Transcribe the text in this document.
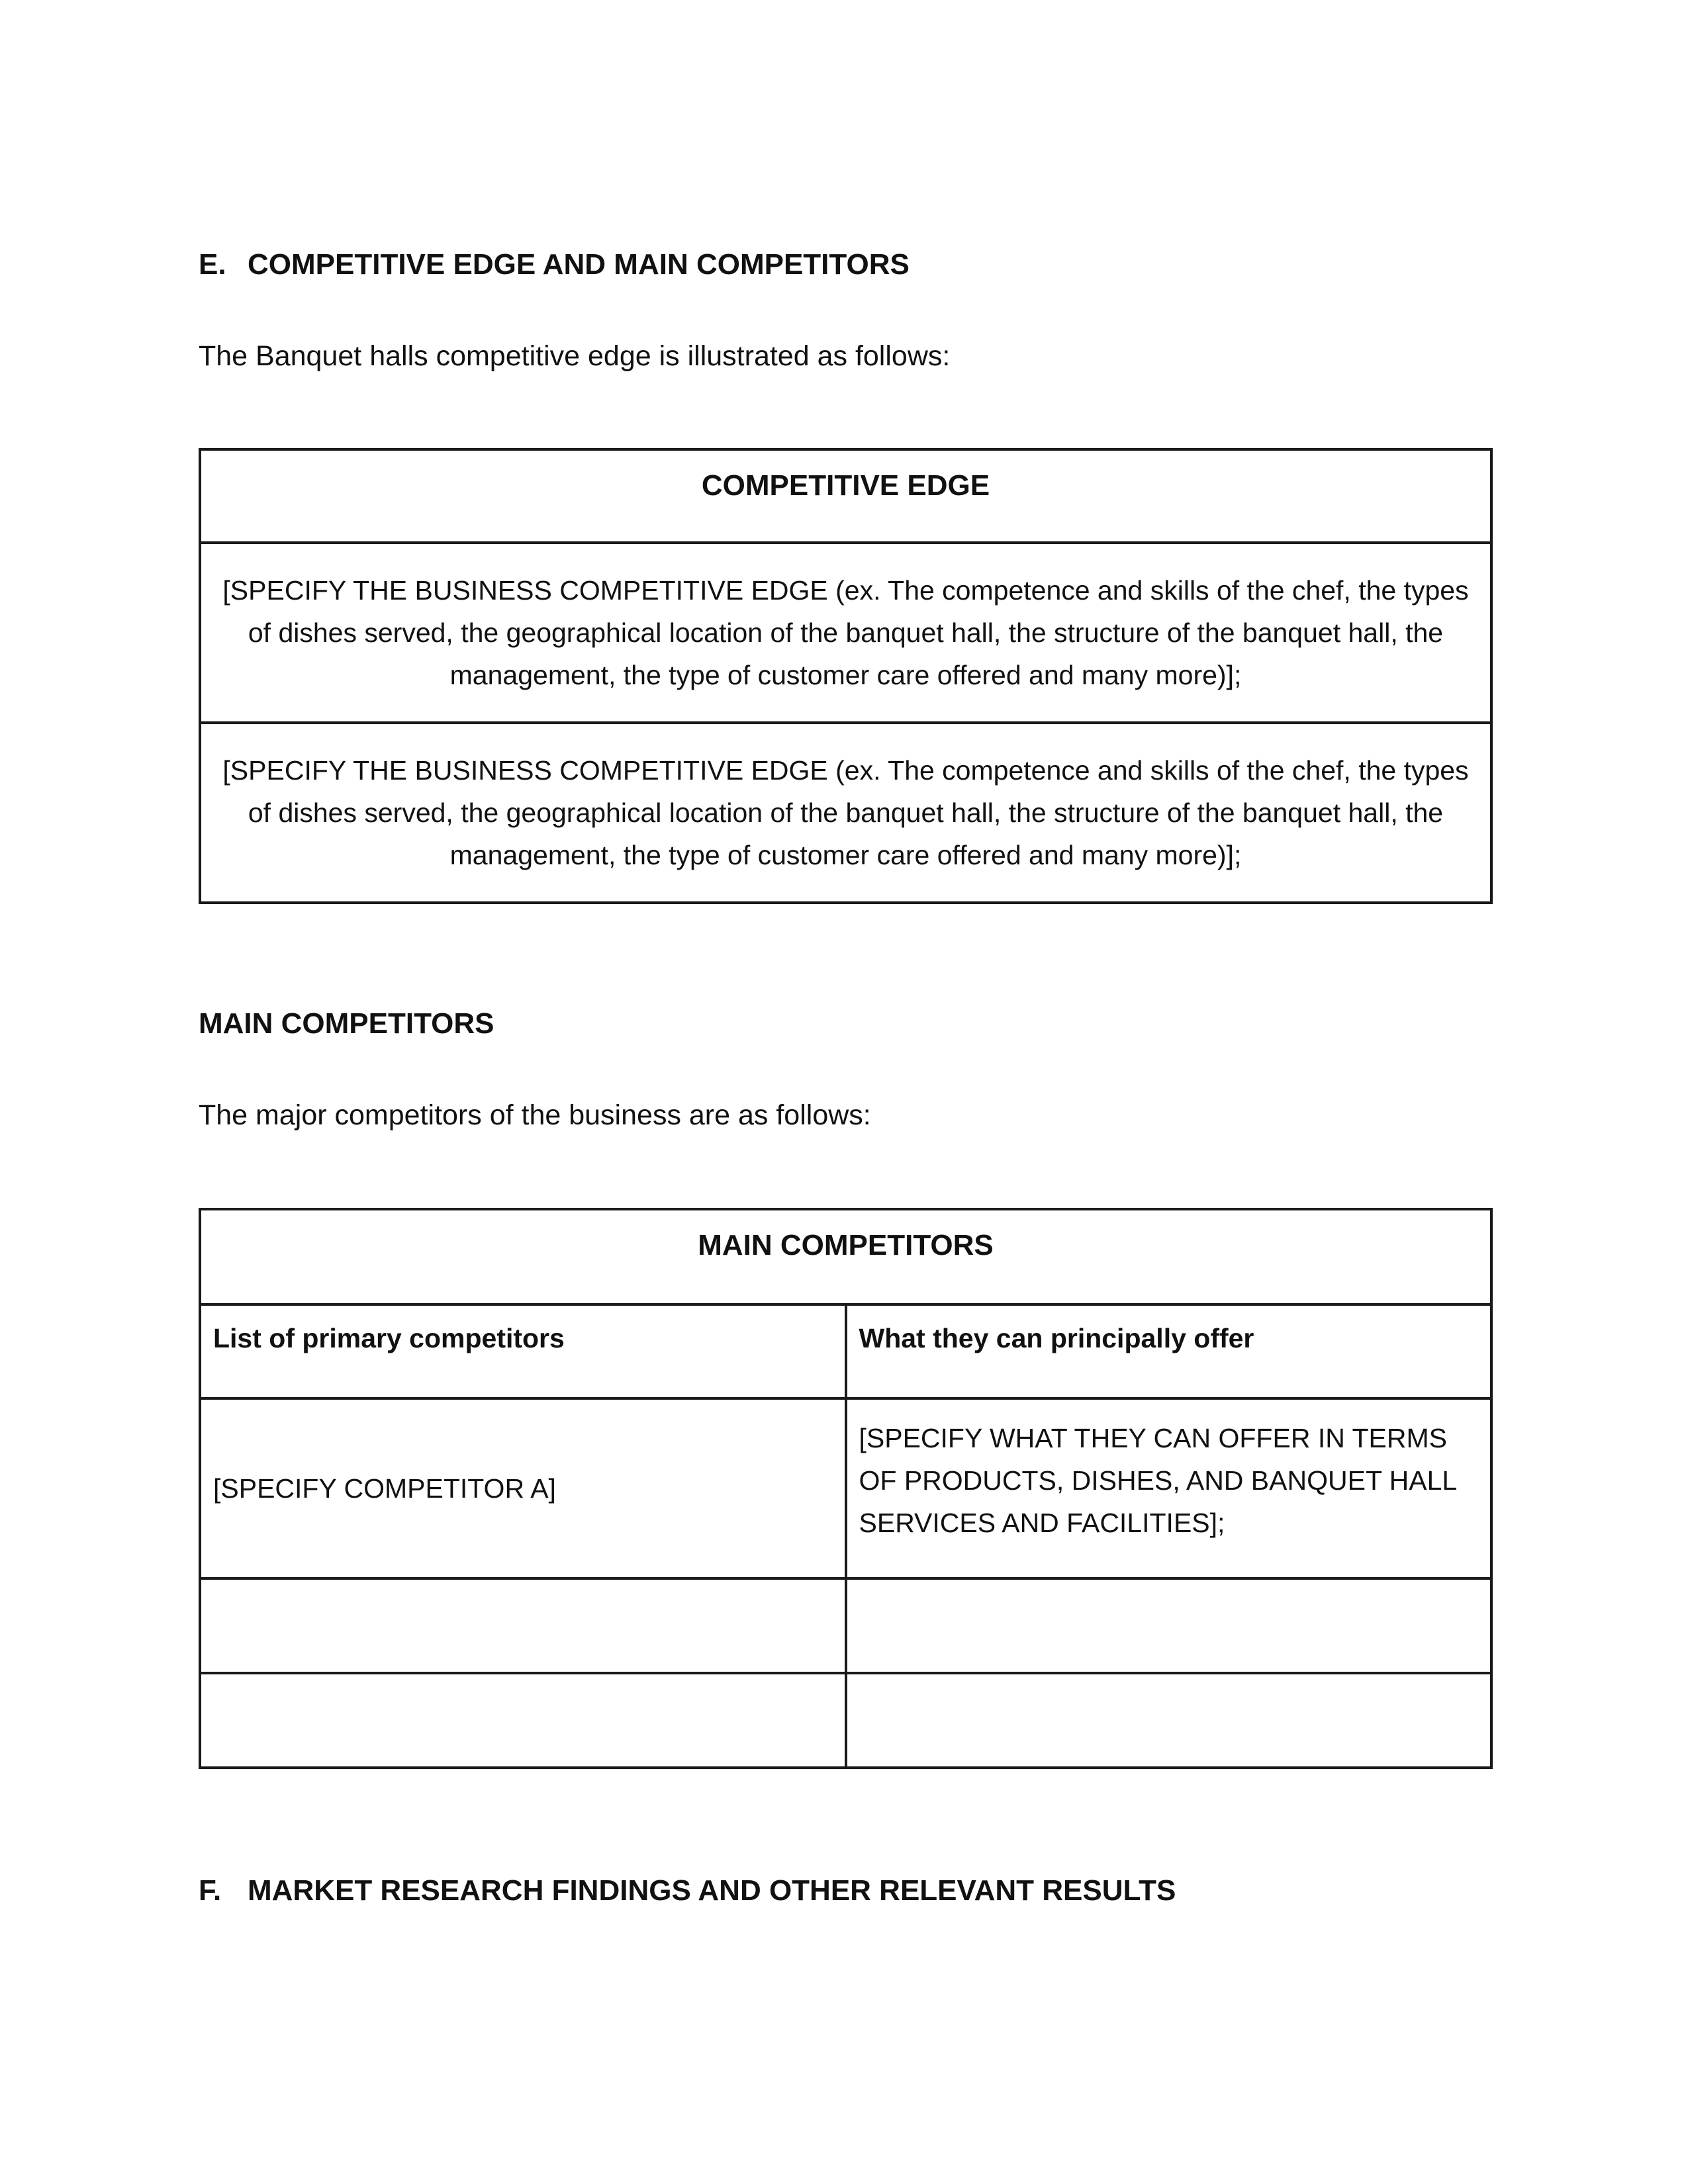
E. COMPETITIVE EDGE AND MAIN COMPETITORS

The Banquet halls competitive edge is illustrated as follows:

COMPETITIVE EDGE
[SPECIFY THE BUSINESS COMPETITIVE EDGE (ex. The competence and skills of the chef, the types of dishes served, the geographical location of the banquet hall, the structure of the banquet hall, the management, the type of customer care offered and many more)];
[SPECIFY THE BUSINESS COMPETITIVE EDGE (ex. The competence and skills of the chef, the types of dishes served, the geographical location of the banquet hall, the structure of the banquet hall, the management, the type of customer care offered and many more)];
MAIN COMPETITORS

The major competitors of the business are as follows:

MAIN COMPETITORS	
List of primary competitors	What they can principally offer
[SPECIFY COMPETITOR A]	[SPECIFY WHAT THEY CAN OFFER IN TERMS OF PRODUCTS, DISHES, AND BANQUET HALL SERVICES AND FACILITIES];

F. MARKET RESEARCH FINDINGS AND OTHER RELEVANT RESULTS
